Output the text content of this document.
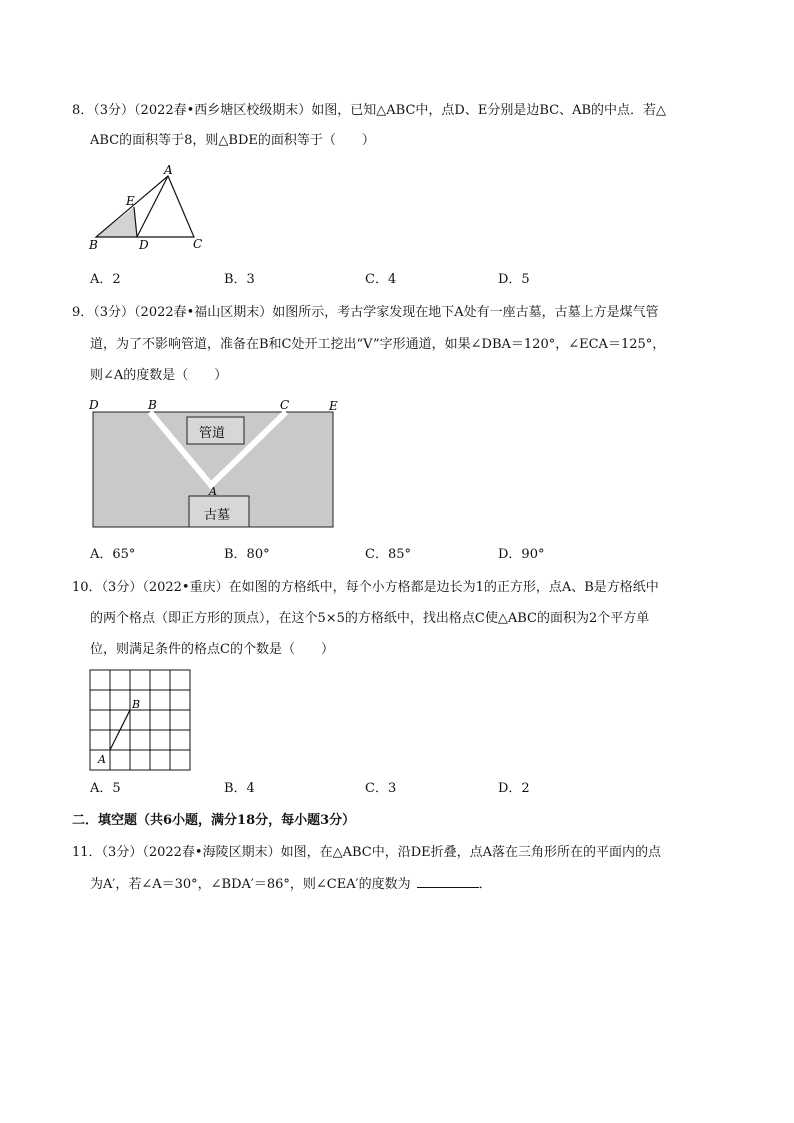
8．（3分）（2022春•西乡塘区校级期末）如图，已知△ABC中，点D、E分别是边BC、AB的中点．若△
ABC的面积等于8，则△BDE的面积等于（　　）
A
E
B	D	C
A．2	B．3	C．4	D．5
9．（3分）（2022春•福山区期末）如图所示，考古学家发现在地下A处有一座古墓，古墓上方是煤气管
道，为了不影响管道，准备在B和C处开工挖出“V”字形通道，如果∠DBA＝120°，∠ECA＝125°，
则∠A的度数是（　　）
管道
古墓
D	B	C	E
A
A．65°	B．80°	C．85°	D．90°
10．（3分）（2022•重庆）在如图的方格纸中，每个小方格都是边长为1的正方形，点A、B是方格纸中
的两个格点（即正方形的顶点），在这个5×5的方格纸中，找出格点C使△ABC的面积为2个平方单
位，则满足条件的格点C的个数是（　　）
A
B
A．5	B．4	C．3	D．2
二．填空题（共6小题，满分18分，每小题3分）
11．（3分）（2022春•海陵区期末）如图，在△ABC中，沿DE折叠，点A落在三角形所在的平面内的点
为A′，若∠A＝30°，∠BDA′＝86°，则∠CEA′的度数为	．
